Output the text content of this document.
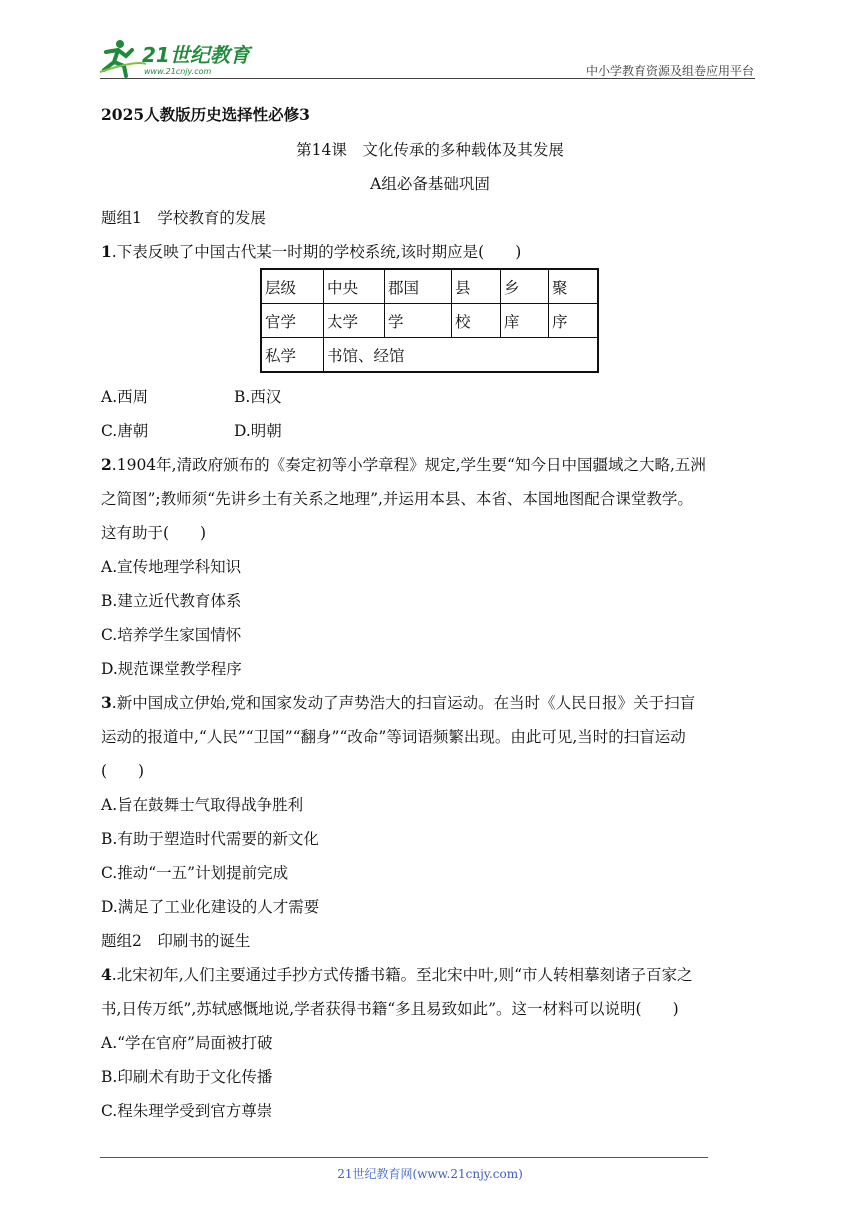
21世纪教育
www.21cnjy.com	中小学教育资源及组卷应用平台
2025人教版历史选择性必修3
第14课　文化传承的多种载体及其发展
A组必备基础巩固
题组1　学校教育的发展
1.下表反映了中国古代某一时期的学校系统,该时期应是(　　)
层级	中央	郡国	县	乡	聚
官学	太学	学	校	庠	序
私学	书馆、经馆				
A.西周	B.西汉
C.唐朝	D.明朝
2.1904年,清政府颁布的《奏定初等小学章程》规定,学生要“知今日中国疆域之大略,五洲
之简图”;教师须“先讲乡土有关系之地理”,并运用本县、本省、本国地图配合课堂教学。
这有助于(　　)
A.宣传地理学科知识
B.建立近代教育体系
C.培养学生家国情怀
D.规范课堂教学程序
3.新中国成立伊始,党和国家发动了声势浩大的扫盲运动。在当时《人民日报》关于扫盲
运动的报道中,“人民”“卫国”“翻身”“改命”等词语频繁出现。由此可见,当时的扫盲运动
(　　)
A.旨在鼓舞士气取得战争胜利
B.有助于塑造时代需要的新文化
C.推动“一五”计划提前完成
D.满足了工业化建设的人才需要
题组2　印刷书的诞生
4.北宋初年,人们主要通过手抄方式传播书籍。至北宋中叶,则“市人转相摹刻诸子百家之
书,日传万纸”,苏轼感慨地说,学者获得书籍“多且易致如此”。这一材料可以说明(　　)
A.“学在官府”局面被打破
B.印刷术有助于文化传播
C.程朱理学受到官方尊崇
21世纪教育网(www.21cnjy.com)
